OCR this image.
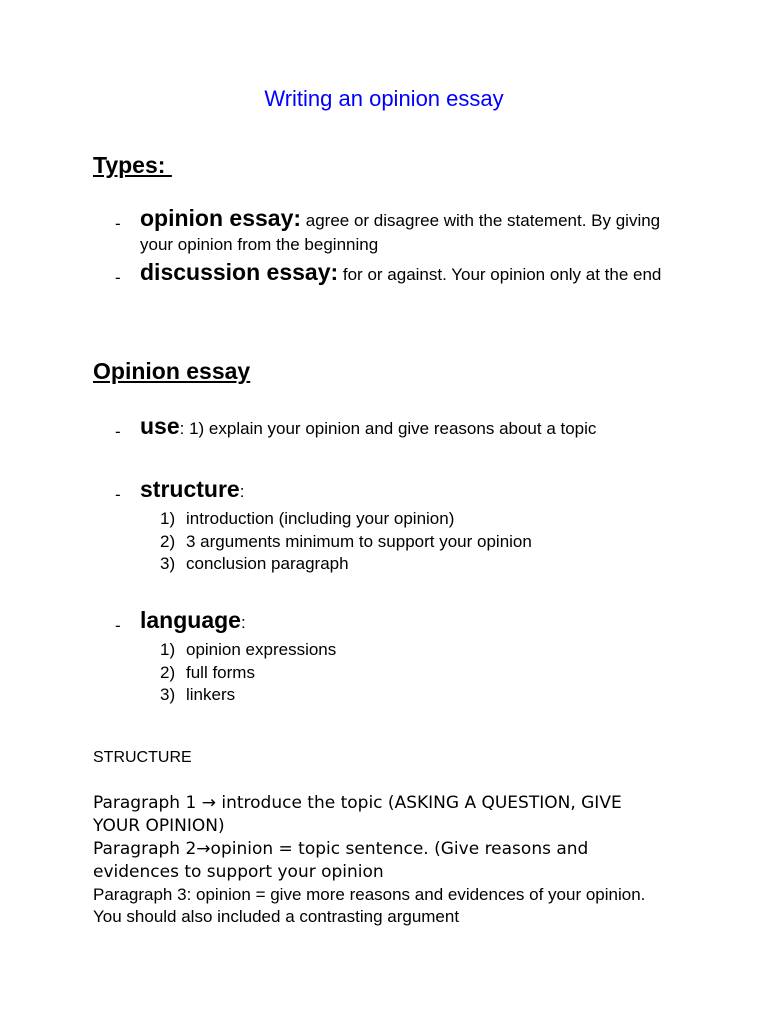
Writing an opinion essay
Types:
- opinion essay: agree or disagree with the statement. By giving your opinion from the beginning
- discussion essay: for or against. Your opinion only at the end
Opinion essay
- use: 1) explain your opinion and give reasons about a topic
- structure:
1) introduction (including your opinion)
2) 3 arguments minimum to support your opinion
3) conclusion paragraph
- language:
1) opinion expressions
2) full forms
3) linkers
STRUCTURE
Paragraph 1 → introduce the topic (ASKING A QUESTION, GIVE YOUR OPINION)
Paragraph 2→opinion = topic sentence. (Give reasons and evidences to support your opinion
Paragraph 3: opinion = give more reasons and evidences of your opinion. You should also included a contrasting argument
